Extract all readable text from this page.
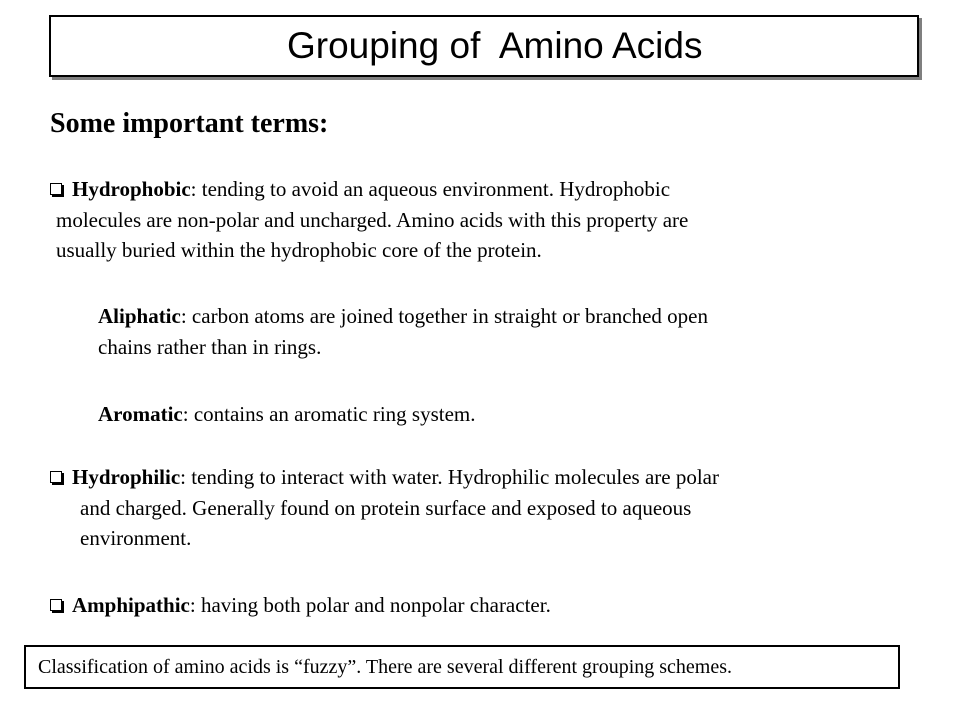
Grouping of  Amino Acids
Some important terms:
Hydrophobic: tending to avoid an aqueous environment. Hydrophobic
molecules are non-polar and uncharged. Amino acids with this property are
usually buried within the hydrophobic core of the protein.
Aliphatic: carbon atoms are joined together in straight or branched open
chains rather than in rings.
Aromatic: contains an aromatic ring system.
Hydrophilic: tending to interact with water. Hydrophilic molecules are polar
and charged. Generally found on protein surface and exposed to aqueous
environment.
Amphipathic: having both polar and nonpolar character.
Classification of amino acids is “fuzzy”. There are several different grouping schemes.
